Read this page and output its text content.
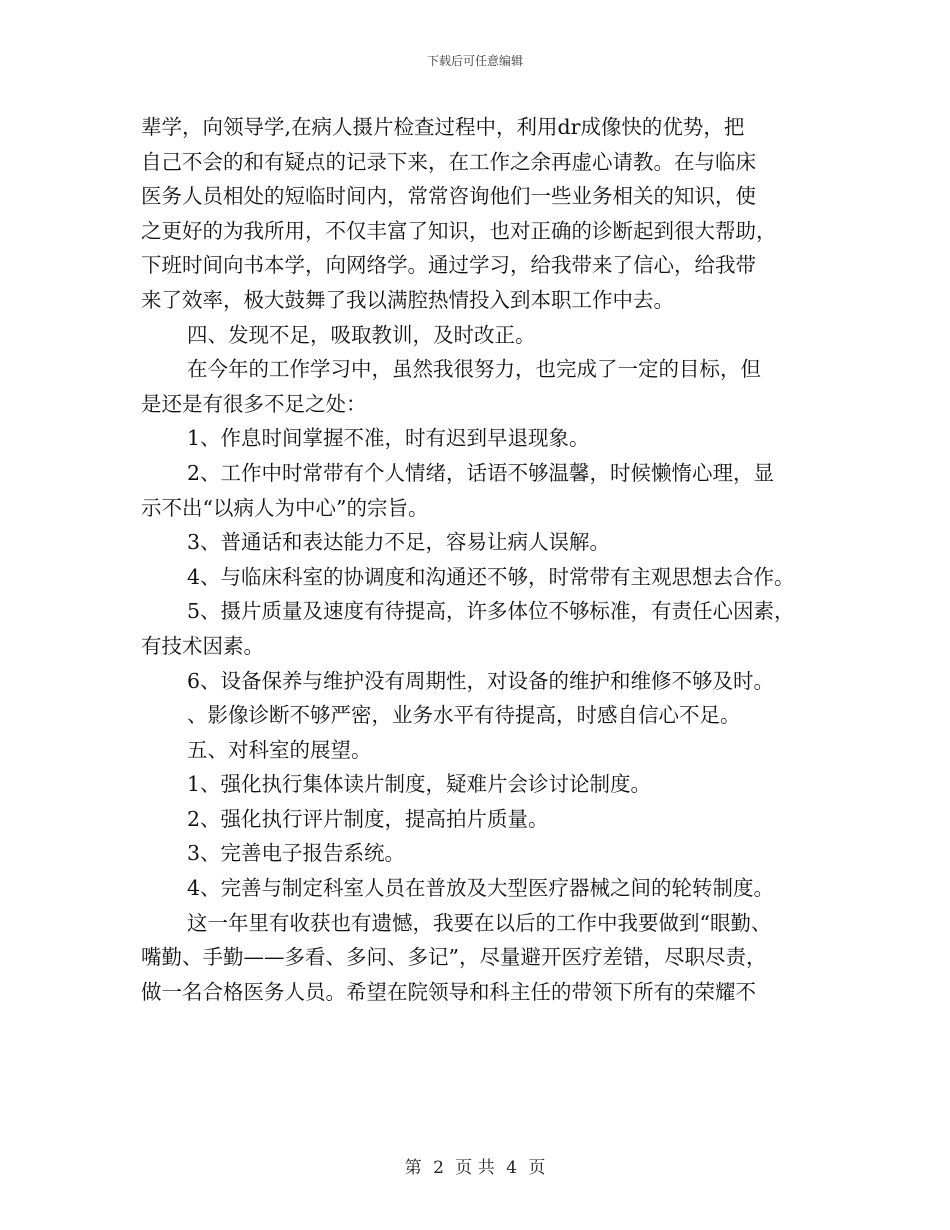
下载后可任意编辑
辈学，向领导学,在病人摄片检查过程中，利用dr成像快的优势，把
自己不会的和有疑点的记录下来，在工作之余再虚心请教。在与临床
医务人员相处的短临时间内，常常咨询他们一些业务相关的知识，使
之更好的为我所用，不仅丰富了知识，也对正确的诊断起到很大帮助，
下班时间向书本学，向网络学。通过学习，给我带来了信心，给我带
来了效率，极大鼓舞了我以满腔热情投入到本职工作中去。
四、发现不足，吸取教训，及时改正。
在今年的工作学习中，虽然我很努力，也完成了一定的目标，但
是还是有很多不足之处：
1、作息时间掌握不准，时有迟到早退现象。
2、工作中时常带有个人情绪，话语不够温馨，时候懒惰心理，显
示不出“以病人为中心”的宗旨。
3、普通话和表达能力不足，容易让病人误解。
4、与临床科室的协调度和沟通还不够，时常带有主观思想去合作。
5、摄片质量及速度有待提高，许多体位不够标准，有责任心因素，
有技术因素。
6、设备保养与维护没有周期性，对设备的维护和维修不够及时。
、影像诊断不够严密，业务水平有待提高，时感自信心不足。
五、对科室的展望。
1、强化执行集体读片制度，疑难片会诊讨论制度。
2、强化执行评片制度，提高拍片质量。
3、完善电子报告系统。
4、完善与制定科室人员在普放及大型医疗器械之间的轮转制度。
这一年里有收获也有遗憾，我要在以后的工作中我要做到“眼勤、
嘴勤、手勤——多看、多问、多记”，尽量避开医疗差错，尽职尽责，
做一名合格医务人员。希望在院领导和科主任的带领下所有的荣耀不
第 2 页 共 4 页
